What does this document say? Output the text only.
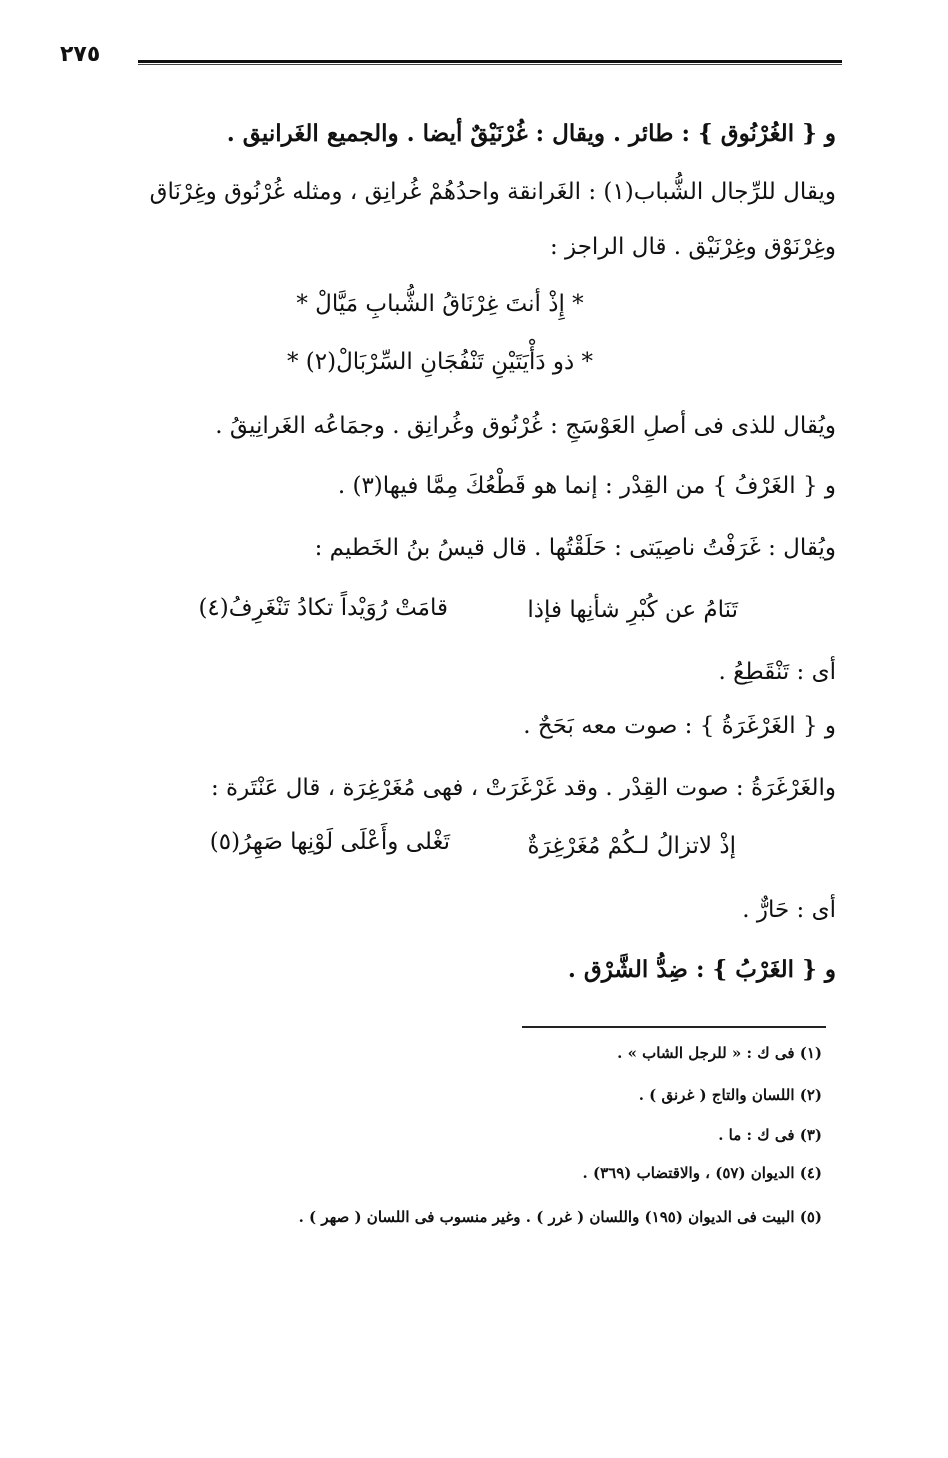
٢٧٥
و { الغُرْنُوق } : طائر . ويقال : غُرْنَيْقٌ أيضا . والجميع الغَرانيق .
ويقال للرِّجال الشُّباب(١) : الغَرانقة واحدُهُمْ غُرانِق ، ومثله غُرْنُوق وغِرْنَاق
وغِرْنَوْق وغِرْنَيْق . قال الراجز :
* إِذْ أنتَ غِرْنَاقُ الشُّبابِ مَيَّالْ *
* ذو دَأْيَتَيْنِ تَنْفُجَانِ السِّرْبَالْ(٢) *
ويُقال للذى فى أصلِ العَوْسَجِ : غُرْنُوق وغُرانِق . وجمَاعُه الغَرانِيقُ .
و { الغَرْفُ } من القِدْر : إنما هو قَطْعُكَ مِمَّا فيها(٣) .
ويُقال : غَرَفْتُ ناصِيَتى : حَلَقْتُها . قال قيسُ بنُ الخَطيم :
تَنَامُ عن كُبْرِ شأنِها فإذا
قامَتْ رُوَيْداً تكادُ تَنْغَرِفُ(٤)
أى : تَنْقَطِعُ .
و { الغَرْغَرَةُ } : صوت معه بَحَحٌ .
والغَرْغَرَةُ : صوت القِدْر . وقد غَرْغَرَتْ ، فهى مُغَرْغِرَة ، قال عَنْتَرة :
إذْ لاتزالُ لـكُمْ مُغَرْغِرَةٌ
تَغْلى وأَعْلَى لَوْنِها صَهِرُ(٥)
أى : حَارٌّ .
و { الغَرْبُ } : ضِدُّ الشَّرْق .
(١) فى ك : « للرجل الشاب » .
(٢) اللسان والتاج ( غرنق ) .
(٣) فى ك : ما .
(٤) الديوان (٥٧) ، والاقتضاب (٣٦٩) .
(٥) البيت فى الديوان (١٩٥) واللسان ( غرر ) . وغير منسوب فى اللسان ( صهر ) .
